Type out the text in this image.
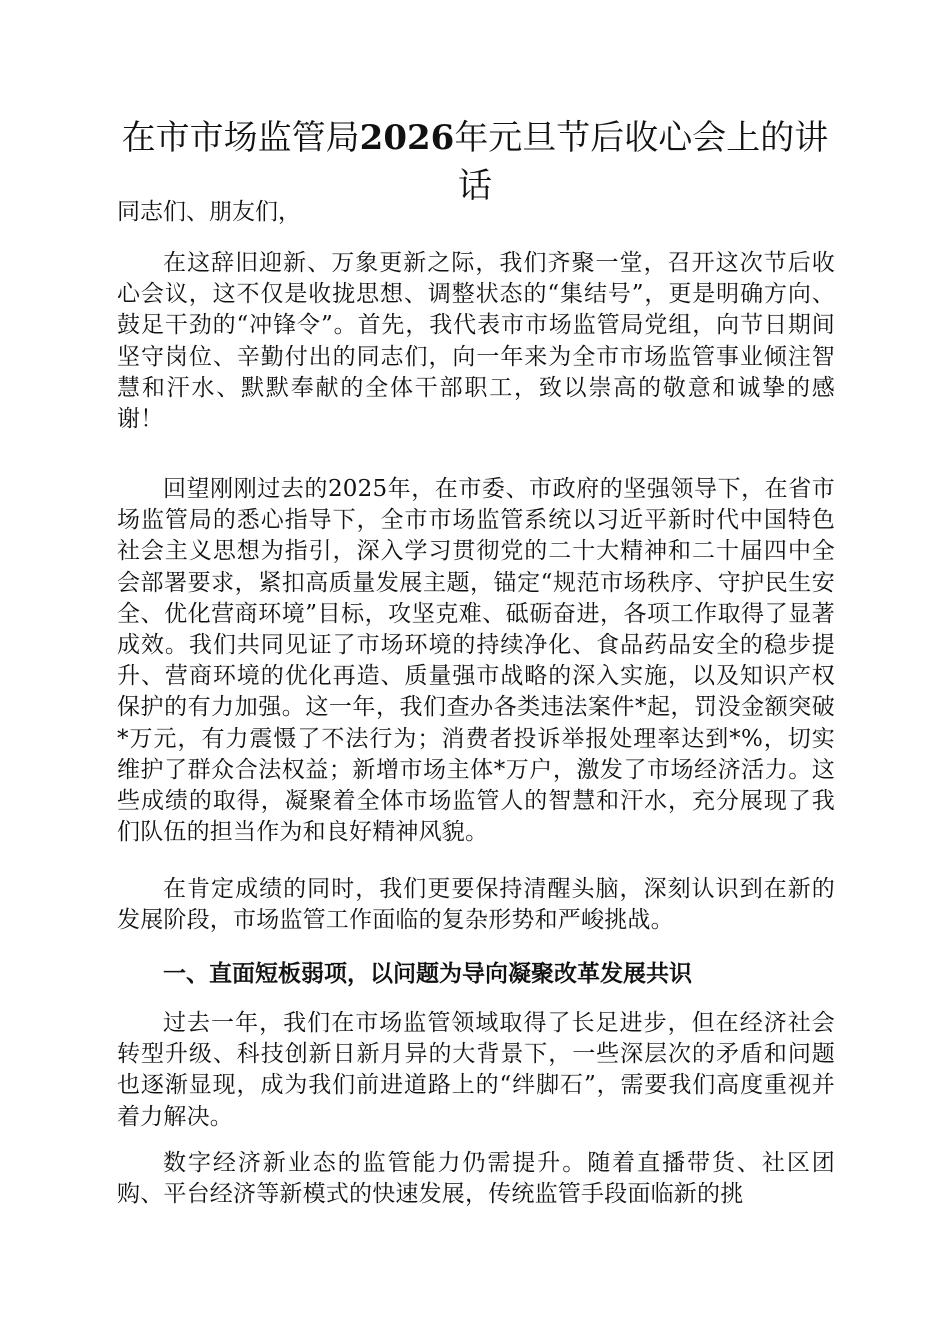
在市市场监管局2026年元旦节后收心会上的讲话

同志们、朋友们，

在这辞旧迎新、万象更新之际，我们齐聚一堂，召开这次节后收心会议，这不仅是收拢思想、调整状态的“集结号”，更是明确方向、鼓足干劲的“冲锋令”。首先，我代表市市场监管局党组，向节日期间坚守岗位、辛勤付出的同志们，向一年来为全市市场监管事业倾注智慧和汗水、默默奉献的全体干部职工，致以崇高的敬意和诚挚的感谢！

回望刚刚过去的2025年，在市委、市政府的坚强领导下，在省市场监管局的悉心指导下，全市市场监管系统以习近平新时代中国特色社会主义思想为指引，深入学习贯彻党的二十大精神和二十届四中全会部署要求，紧扣高质量发展主题，锚定“规范市场秩序、守护民生安全、优化营商环境”目标，攻坚克难、砥砺奋进，各项工作取得了显著成效。我们共同见证了市场环境的持续净化、食品药品安全的稳步提升、营商环境的优化再造、质量强市战略的深入实施，以及知识产权保护的有力加强。这一年，我们查办各类违法案件*起，罚没金额突破*万元，有力震慑了不法行为；消费者投诉举报处理率达到*%，切实维护了群众合法权益；新增市场主体*万户，激发了市场经济活力。这些成绩的取得，凝聚着全体市场监管人的智慧和汗水，充分展现了我们队伍的担当作为和良好精神风貌。

在肯定成绩的同时，我们更要保持清醒头脑，深刻认识到在新的发展阶段，市场监管工作面临的复杂形势和严峻挑战。

一、直面短板弱项，以问题为导向凝聚改革发展共识

过去一年，我们在市场监管领域取得了长足进步，但在经济社会转型升级、科技创新日新月异的大背景下，一些深层次的矛盾和问题也逐渐显现，成为我们前进道路上的“绊脚石”，需要我们高度重视并着力解决。

数字经济新业态的监管能力仍需提升。随着直播带货、社区团购、平台经济等新模式的快速发展，传统监管手段面临新的挑
